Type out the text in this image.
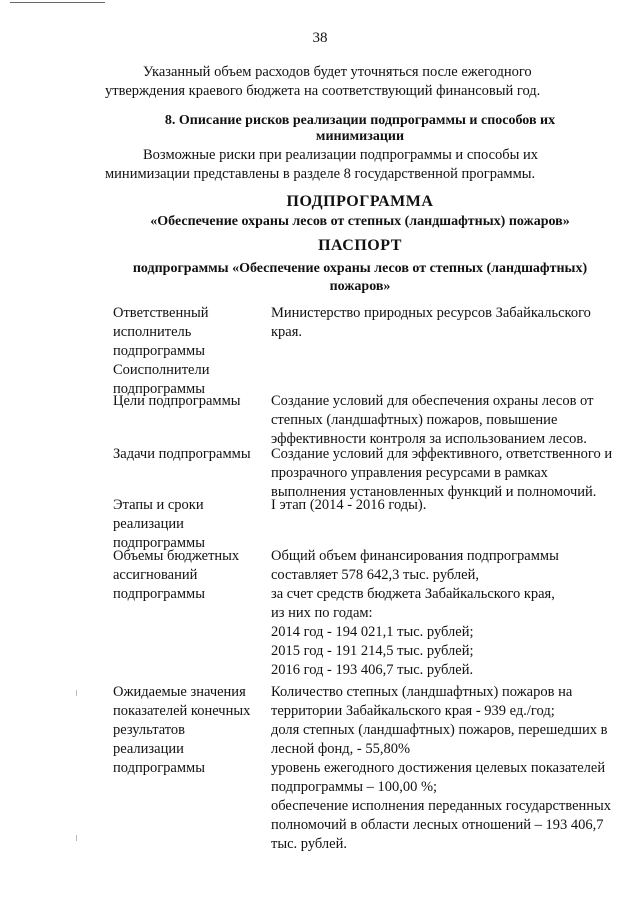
38
Указанный объем расходов будет уточняться после ежегодного
утверждения краевого бюджета на соответствующий финансовый год.
8. Описание рисков реализации подпрограммы и способов их
минимизации
Возможные риски при реализации подпрограммы и способы их
минимизации представлены в разделе 8 государственной программы.
ПОДПРОГРАММА
«Обеспечение охраны лесов от степных (ландшафтных) пожаров»
ПАСПОРТ
подпрограммы «Обеспечение охраны лесов от степных (ландшафтных)
пожаров»
Ответственный
исполнитель
подпрограммы
Соисполнители
подпрограммы
Министерство природных ресурсов Забайкальского
края.
Цели подпрограммы	Создание условий для обеспечения охраны лесов от
степных (ландшафтных) пожаров, повышение
эффективности контроля за использованием лесов.
Задачи подпрограммы	Создание условий для эффективного, ответственного и
прозрачного управления ресурсами в рамках
выполнения установленных функций и полномочий.
Этапы и сроки
реализации
подпрограммы
I этап (2014 - 2016 годы).
Объемы бюджетных
ассигнований
подпрограммы
Общий объем финансирования подпрограммы
составляет 578 642,3 тыс. рублей,
за счет средств бюджета Забайкальского края,
из них по годам:
2014 год - 194 021,1 тыс. рублей;
2015 год - 191 214,5 тыс. рублей;
2016 год - 193 406,7 тыс. рублей.
Ожидаемые значения
показателей конечных
результатов
реализации
подпрограммы
Количество степных (ландшафтных) пожаров на
территории Забайкальского края - 939 ед./год;
доля степных (ландшафтных) пожаров, перешедших в
лесной фонд, - 55,80%
уровень ежегодного достижения целевых показателей
подпрограммы – 100,00 %;
обеспечение исполнения переданных государственных
полномочий в области лесных отношений – 193 406,7
тыс. рублей.
